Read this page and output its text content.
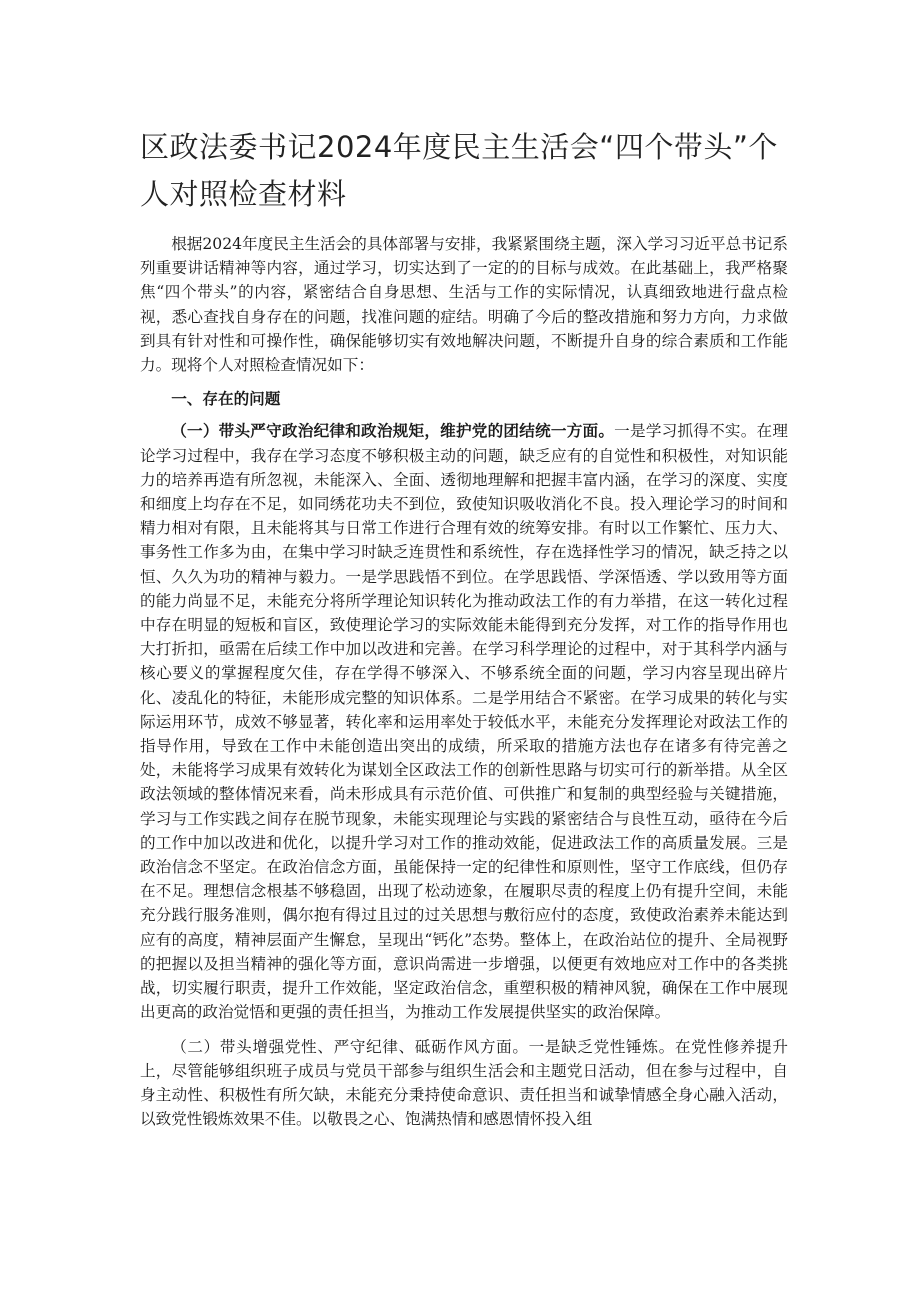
区政法委书记2024年度民主生活会“四个带头”个人对照检查材料

根据2024年度民主生活会的具体部署与安排，我紧紧围绕主题，深入学习习近平总书记系列重要讲话精神等内容，通过学习，切实达到了一定的的目标与成效。在此基础上，我严格聚焦“四个带头”的内容，紧密结合自身思想、生活与工作的实际情况，认真细致地进行盘点检视，悉心查找自身存在的问题，找准问题的症结。明确了今后的整改措施和努力方向，力求做到具有针对性和可操作性，确保能够切实有效地解决问题，不断提升自身的综合素质和工作能力。现将个人对照检查情况如下：

一、存在的问题

（一）带头严守政治纪律和政治规矩，维护党的团结统一方面。一是学习抓得不实。在理论学习过程中，我存在学习态度不够积极主动的问题，缺乏应有的自觉性和积极性，对知识能力的培养再造有所忽视，未能深入、全面、透彻地理解和把握丰富内涵，在学习的深度、实度和细度上均存在不足，如同绣花功夫不到位，致使知识吸收消化不良。投入理论学习的时间和精力相对有限，且未能将其与日常工作进行合理有效的统筹安排。有时以工作繁忙、压力大、事务性工作多为由，在集中学习时缺乏连贯性和系统性，存在选择性学习的情况，缺乏持之以恒、久久为功的精神与毅力。一是学思践悟不到位。在学思践悟、学深悟透、学以致用等方面的能力尚显不足，未能充分将所学理论知识转化为推动政法工作的有力举措，在这一转化过程中存在明显的短板和盲区，致使理论学习的实际效能未能得到充分发挥，对工作的指导作用也大打折扣，亟需在后续工作中加以改进和完善。在学习科学理论的过程中，对于其科学内涵与核心要义的掌握程度欠佳，存在学得不够深入、不够系统全面的问题，学习内容呈现出碎片化、凌乱化的特征，未能形成完整的知识体系。二是学用结合不紧密。在学习成果的转化与实际运用环节，成效不够显著，转化率和运用率处于较低水平，未能充分发挥理论对政法工作的指导作用，导致在工作中未能创造出突出的成绩，所采取的措施方法也存在诸多有待完善之处，未能将学习成果有效转化为谋划全区政法工作的创新性思路与切实可行的新举措。从全区政法领域的整体情况来看，尚未形成具有示范价值、可供推广和复制的典型经验与关键措施，学习与工作实践之间存在脱节现象，未能实现理论与实践的紧密结合与良性互动，亟待在今后的工作中加以改进和优化，以提升学习对工作的推动效能，促进政法工作的高质量发展。三是政治信念不坚定。在政治信念方面，虽能保持一定的纪律性和原则性，坚守工作底线，但仍存在不足。理想信念根基不够稳固，出现了松动迹象，在履职尽责的程度上仍有提升空间，未能充分践行服务准则，偶尔抱有得过且过的过关思想与敷衍应付的态度，致使政治素养未能达到应有的高度，精神层面产生懈怠，呈现出“钙化”态势。整体上，在政治站位的提升、全局视野的把握以及担当精神的强化等方面，意识尚需进一步增强，以便更有效地应对工作中的各类挑战，切实履行职责，提升工作效能，坚定政治信念，重塑积极的精神风貌，确保在工作中展现出更高的政治觉悟和更强的责任担当，为推动工作发展提供坚实的政治保障。

（二）带头增强党性、严守纪律、砥砺作风方面。一是缺乏党性锤炼。在党性修养提升上，尽管能够组织班子成员与党员干部参与组织生活会和主题党日活动，但在参与过程中，自身主动性、积极性有所欠缺，未能充分秉持使命意识、责任担当和诚挚情感全身心融入活动，以致党性锻炼效果不佳。以敬畏之心、饱满热情和感恩情怀投入组
